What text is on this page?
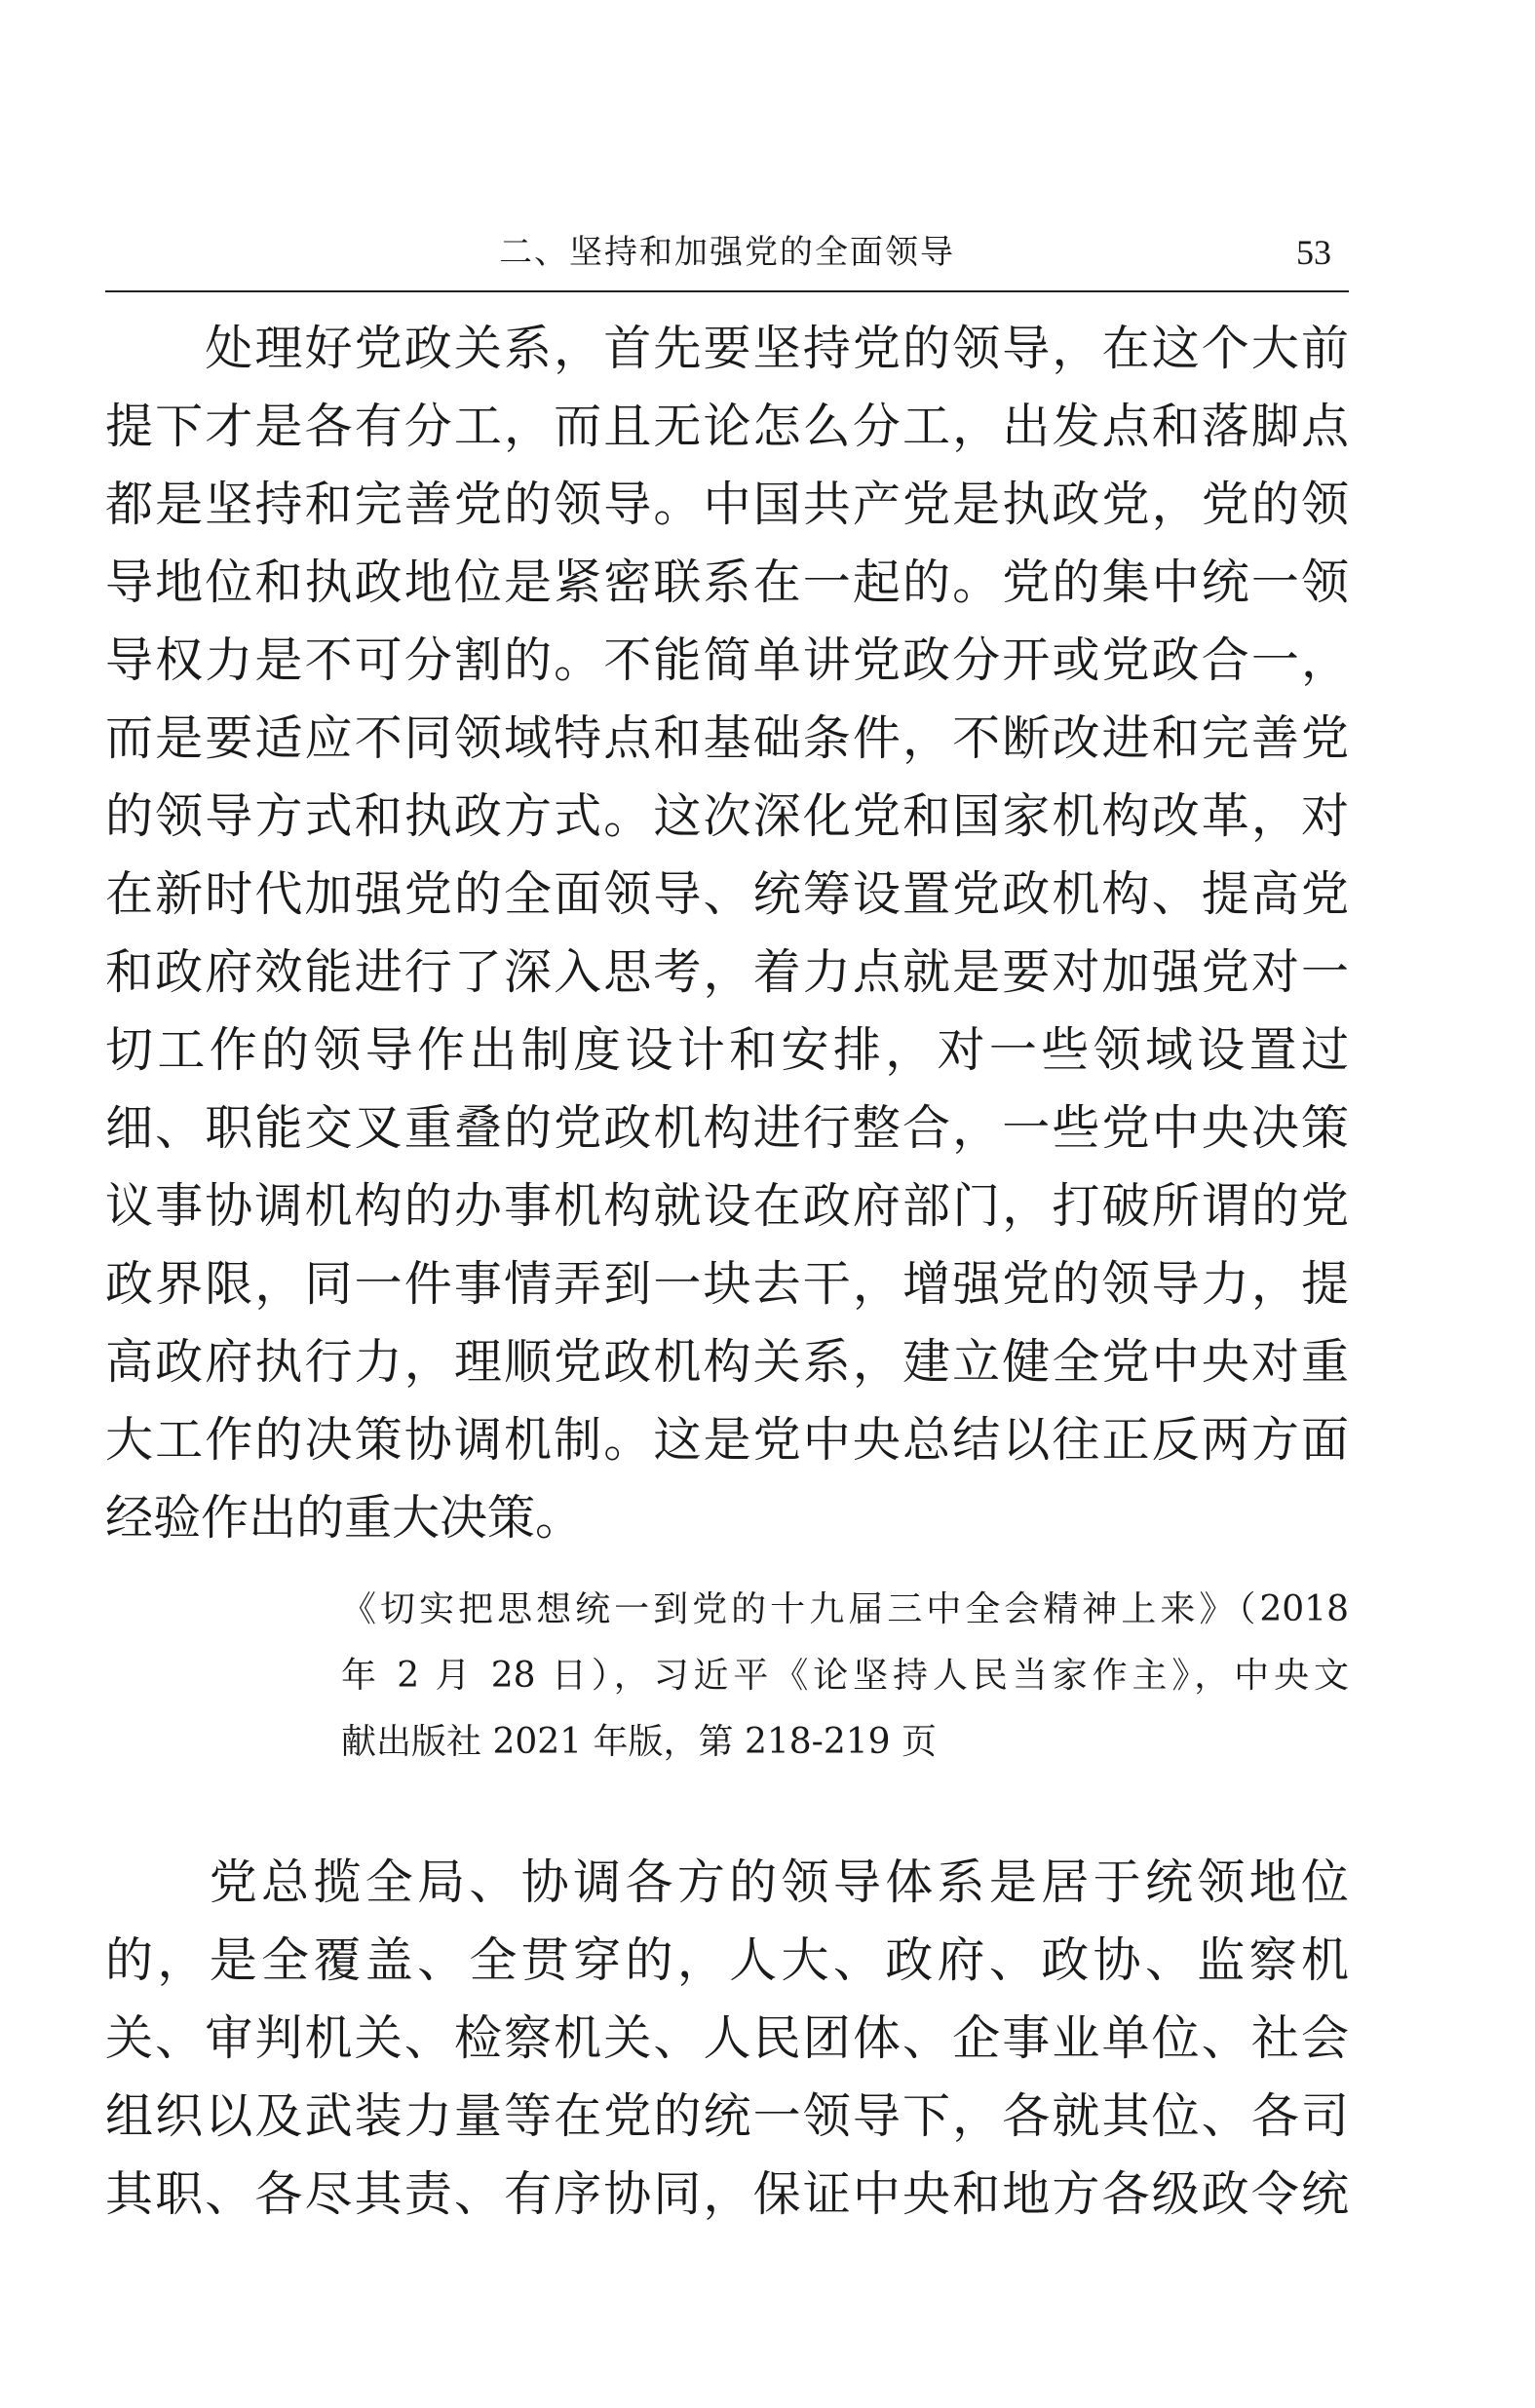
二、坚持和加强党的全面领导	53
　　处理好党政关系，首先要坚持党的领导，在这个大前
提下才是各有分工，而且无论怎么分工，出发点和落脚点
都是坚持和完善党的领导。中国共产党是执政党，党的领
导地位和执政地位是紧密联系在一起的。党的集中统一领
导权力是不可分割的。不能简单讲党政分开或党政合一，
而是要适应不同领域特点和基础条件，不断改进和完善党
的领导方式和执政方式。这次深化党和国家机构改革，对
在新时代加强党的全面领导、统筹设置党政机构、提高党
和政府效能进行了深入思考，着力点就是要对加强党对一
切工作的领导作出制度设计和安排，对一些领域设置过
细、职能交叉重叠的党政机构进行整合，一些党中央决策
议事协调机构的办事机构就设在政府部门，打破所谓的党
政界限，同一件事情弄到一块去干，增强党的领导力，提
高政府执行力，理顺党政机构关系，建立健全党中央对重
大工作的决策协调机制。这是党中央总结以往正反两方面
经验作出的重大决策。
《切实把思想统一到党的十九届三中全会精神上来》（2018
年 2 月 28 日），习近平《论坚持人民当家作主》，中央文
献出版社 2021 年版，第 218-219 页
　　党总揽全局、协调各方的领导体系是居于统领地位
的，是全覆盖、全贯穿的，人大、政府、政协、监察机
关、审判机关、检察机关、人民团体、企事业单位、社会
组织以及武装力量等在党的统一领导下，各就其位、各司
其职、各尽其责、有序协同，保证中央和地方各级政令统
